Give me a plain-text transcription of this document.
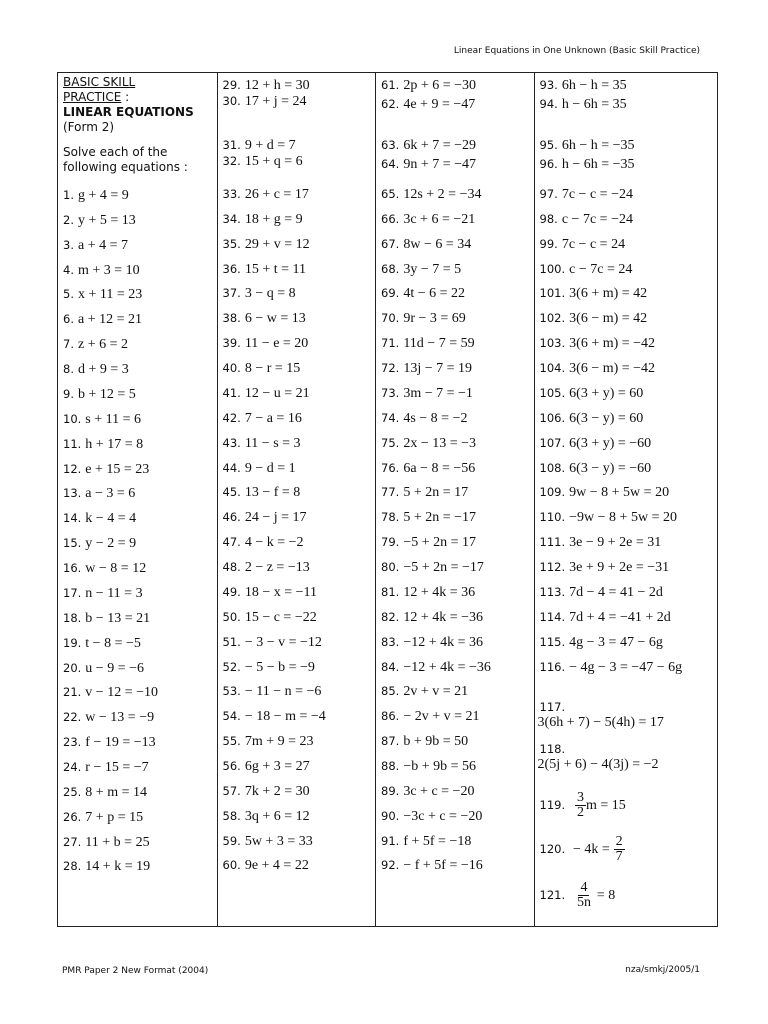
Linear Equations in One Unknown (Basic Skill Practice)
BASIC SKILL
PRACTICE :
LINEAR EQUATIONS
(Form 2)
Solve each of the
following equations :
1. g + 4 = 9
2. y + 5 = 13
3. a + 4 = 7
4. m + 3 = 10
5. x + 11 = 23
6. a + 12 = 21
7. z + 6 = 2
8. d + 9 = 3
9. b + 12 = 5
10. s + 11 = 6
11. h + 17 = 8
12. e + 15 = 23
13. a − 3 = 6
14. k − 4 = 4
15. y − 2 = 9
16. w − 8 = 12
17. n − 11 = 3
18. b − 13 = 21
19. t − 8 = −5
20. u − 9 = −6
21. v − 12 = −10
22. w − 13 = −9
23. f − 19 = −13
24. r − 15 = −7
25. 8 + m = 14
26. 7 + p = 15
27. 11 + b = 25
28. 14 + k = 19
29. 12 + h = 30
30. 17 + j = 24
31. 9 + d = 7
32. 15 + q = 6
33. 26 + c = 17
34. 18 + g = 9
35. 29 + v = 12
36. 15 + t = 11
37. 3 − q = 8
38. 6 − w = 13
39. 11 − e = 20
40. 8 − r = 15
41. 12 − u = 21
42. 7 − a = 16
43. 11 − s = 3
44. 9 − d = 1
45. 13 − f = 8
46. 24 − j = 17
47. 4 − k = −2
48. 2 − z = −13
49. 18 − x = −11
50. 15 − c = −22
51. − 3 − v = −12
52. − 5 − b = −9
53. − 11 − n = −6
54. − 18 − m = −4
55. 7m + 9 = 23
56. 6g + 3 = 27
57. 7k + 2 = 30
58. 3q + 6 = 12
59. 5w + 3 = 33
60. 9e + 4 = 22
61. 2p + 6 = −30
62. 4e + 9 = −47
63. 6k + 7 = −29
64. 9n + 7 = −47
65. 12s + 2 = −34
66. 3c + 6 = −21
67. 8w − 6 = 34
68. 3y − 7 = 5
69. 4t − 6 = 22
70. 9r − 3 = 69
71. 11d − 7 = 59
72. 13j − 7 = 19
73. 3m − 7 = −1
74. 4s − 8 = −2
75. 2x − 13 = −3
76. 6a − 8 = −56
77. 5 + 2n = 17
78. 5 + 2n = −17
79. −5 + 2n = 17
80. −5 + 2n = −17
81. 12 + 4k = 36
82. 12 + 4k = −36
83. −12 + 4k = 36
84. −12 + 4k = −36
85. 2v + v = 21
86. − 2v + v = 21
87. b + 9b = 50
88. −b + 9b = 56
89. 3c + c = −20
90. −3c + c = −20
91. f + 5f = −18
92. − f + 5f = −16
117.
3(6h + 7) − 5(4h) = 17
118.
2(5j + 6) − 4(3j) = −2
119. $\frac{3}{2}$ m = 15
120. − $4k = \frac{2}{7}$
121. $\frac{4}{5n} = 8$
93. 6h − h = 35
94. h − 6h = 35
95. 6h − h = −35
96. h − 6h = −35
97. 7c − c = −24
98. c − 7c = −24
99. 7c − c = 24
100. c − 7c = 24
101. 3(6 + m) = 42
102. 3(6 − m) = 42
103. 3(6 + m) = −42
104. 3(6 − m) = −42
105. 6(3 + y) = 60
106. 6(3 − y) = 60
107. 6(3 + y) = −60
108. 6(3 − y) = −60
109. 9w − 8 + 5w = 20
110. −9w − 8 + 5w = 20
111. 3e − 9 + 2e = 31
112. 3e + 9 + 2e = −31
113. 7d − 4 = 41 − 2d
114. 7d + 4 = −41 + 2d
115. 4g − 3 = 47 − 6g
116. − 4g − 3 = −47 − 6g
PMR Paper 2 New Format (2004)	nza/smkj/2005/1
